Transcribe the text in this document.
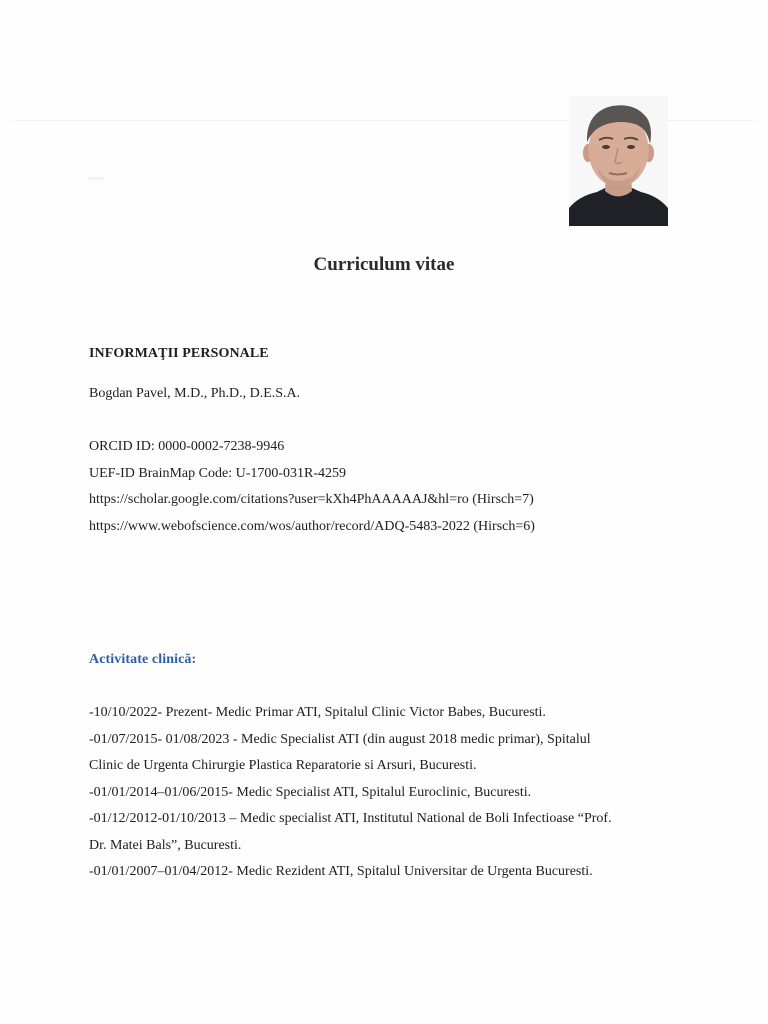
Curriculum vitae
INFORMAŢII PERSONALE
Bogdan Pavel, M.D., Ph.D., D.E.S.A.
ORCID ID: 0000-0002-7238-9946
UEF-ID BrainMap Code: U-1700-031R-4259
https://scholar.google.com/citations?user=kXh4PhAAAAAJ&hl=ro (Hirsch=7)
https://www.webofscience.com/wos/author/record/ADQ-5483-2022 (Hirsch=6)
Activitate clinică:
-10/10/2022- Prezent- Medic Primar ATI, Spitalul Clinic Victor Babes, Bucuresti.
-01/07/2015- 01/08/2023 - Medic Specialist ATI (din august 2018 medic primar), Spitalul
Clinic de Urgenta Chirurgie Plastica Reparatorie si Arsuri, Bucuresti.
-01/01/2014–01/06/2015- Medic Specialist ATI, Spitalul Euroclinic, Bucuresti.
-01/12/2012-01/10/2013 – Medic specialist ATI, Institutul National de Boli Infectioase “Prof.
Dr. Matei Bals”, Bucuresti.
-01/01/2007–01/04/2012- Medic Rezident ATI, Spitalul Universitar de Urgenta Bucuresti.
